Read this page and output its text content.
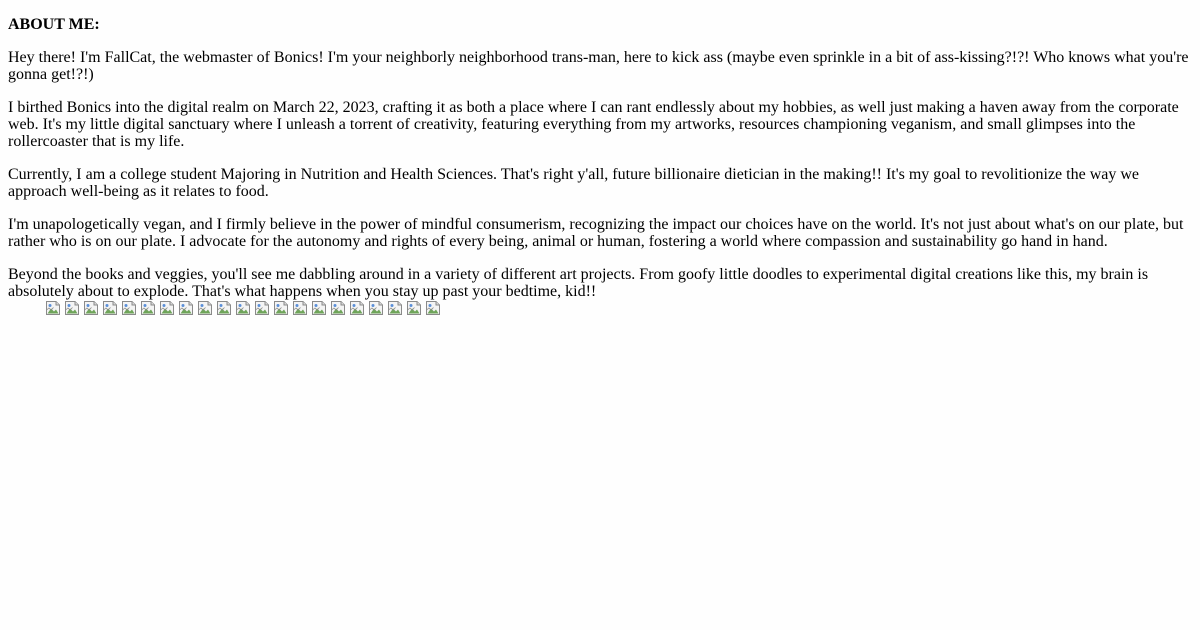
ABOUT ME:

Hey there! I'm FallCat, the webmaster of Bonics! I'm your neighborly neighborhood trans-man, here to kick ass (maybe even sprinkle in a bit of ass-kissing?!?! Who knows what you're gonna get!?!)

I birthed Bonics into the digital realm on March 22, 2023, crafting it as both a place where I can rant endlessly about my hobbies, as well just making a haven away from the corporate web. It's my little digital sanctuary where I unleash a torrent of creativity, featuring everything from my artworks, resources championing veganism, and small glimpses into the rollercoaster that is my life.

Currently, I am a college student Majoring in Nutrition and Health Sciences. That's right y'all, future billionaire dietician in the making!! It's my goal to revolitionize the way we approach well-being as it relates to food.

I'm unapologetically vegan, and I firmly believe in the power of mindful consumerism, recognizing the impact our choices have on the world. It's not just about what's on our plate, but rather who is on our plate. I advocate for the autonomy and rights of every being, animal or human, fostering a world where compassion and sustainability go hand in hand.

Beyond the books and veggies, you'll see me dabbling around in a variety of different art projects. From goofy little doodles to experimental digital creations like this, my brain is absolutely about to explode. That's what happens when you stay up past your bedtime, kid!!
